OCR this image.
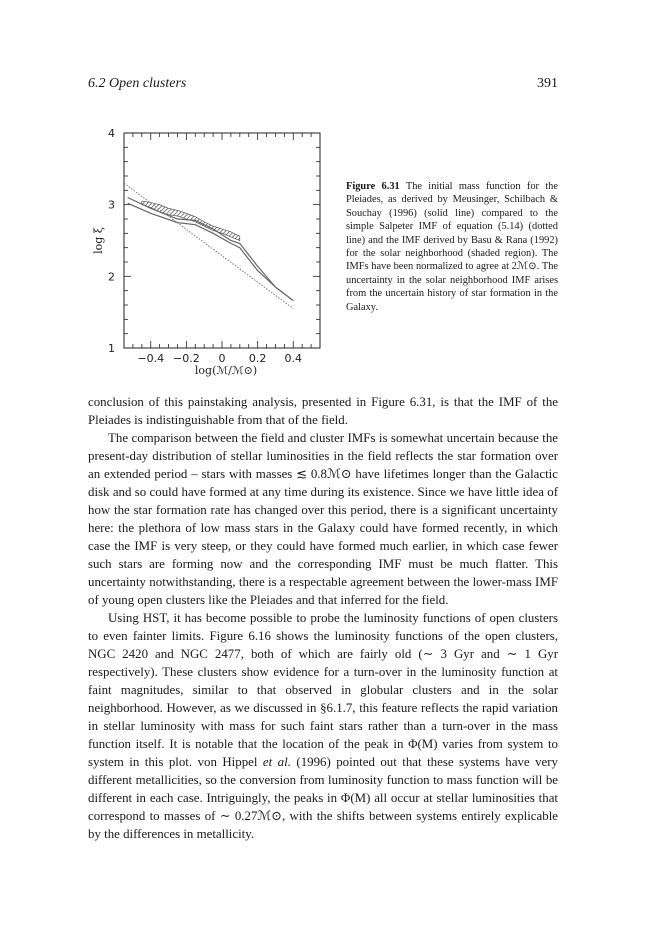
6.2 Open clusters	391
−0.4 −0.2 0 0.2 0.4
1
2
3
4
log(ℳ/ℳ⊙)
log ξ
Figure 6.31 The initial mass function for the Pleiades, as derived by Meusinger, Schilbach & Souchay (1996) (solid line) compared to the simple Salpeter IMF of equation (5.14) (dotted line) and the IMF derived by Basu & Rana (1992) for the solar neighborhood (shaded region). The IMFs have been normalized to agree at 2ℳ⊙. The uncertainty in the solar neighborhood IMF arises from the uncertain history of star formation in the Galaxy.

conclusion of this painstaking analysis, presented in Figure 6.31, is that the IMF of the Pleiades is indistinguishable from that of the field.

The comparison between the field and cluster IMFs is somewhat uncertain because the present-day distribution of stellar luminosities in the field reflects the star formation over an extended period – stars with masses ≲ 0.8ℳ⊙ have lifetimes longer than the Galactic disk and so could have formed at any time during its existence. Since we have little idea of how the star formation rate has changed over this period, there is a significant uncertainty here: the plethora of low mass stars in the Galaxy could have formed recently, in which case the IMF is very steep, or they could have formed much earlier, in which case fewer such stars are forming now and the corresponding IMF must be much flatter. This uncertainty notwithstanding, there is a respectable agreement between the lower-mass IMF of young open clusters like the Pleiades and that inferred for the field.

Using HST, it has become possible to probe the luminosity functions of open clusters to even fainter limits. Figure 6.16 shows the luminosity functions of the open clusters, NGC 2420 and NGC 2477, both of which are fairly old (∼ 3 Gyr and ∼ 1 Gyr respectively). These clusters show evidence for a turn-over in the luminosity function at faint magnitudes, similar to that observed in globular clusters and in the solar neighborhood. However, as we discussed in §6.1.7, this feature reflects the rapid variation in stellar luminosity with mass for such faint stars rather than a turn-over in the mass function itself. It is notable that the location of the peak in Φ(M) varies from system to system in this plot. von Hippel et al. (1996) pointed out that these systems have very different metallicities, so the conversion from luminosity function to mass function will be different in each case. Intriguingly, the peaks in Φ(M) all occur at stellar luminosities that correspond to masses of ∼ 0.27ℳ⊙, with the shifts between systems entirely explicable by the differences in metallicity.
